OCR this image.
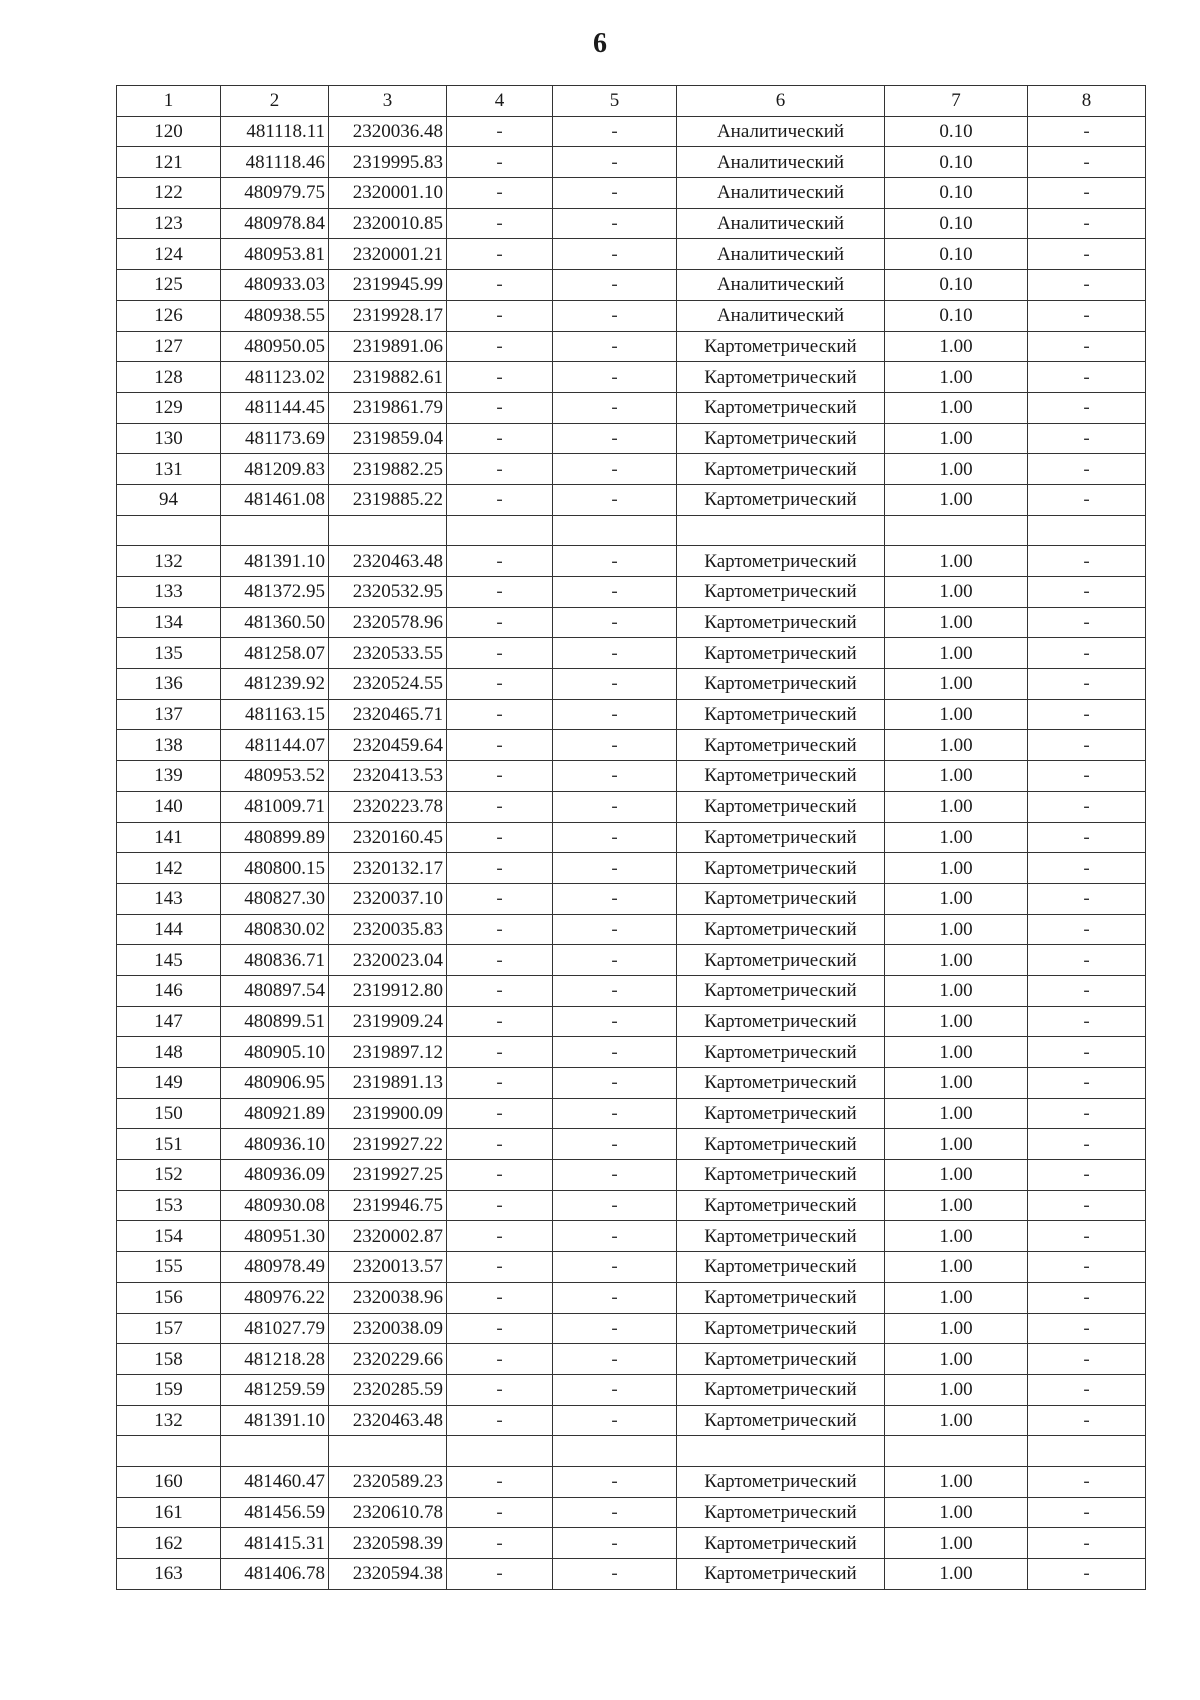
6
1	2	3	4	5	6	7	8
120	481118.11	2320036.48	-	-	Аналитический	0.10	-
121	481118.46	2319995.83	-	-	Аналитический	0.10	-
122	480979.75	2320001.10	-	-	Аналитический	0.10	-
123	480978.84	2320010.85	-	-	Аналитический	0.10	-
124	480953.81	2320001.21	-	-	Аналитический	0.10	-
125	480933.03	2319945.99	-	-	Аналитический	0.10	-
126	480938.55	2319928.17	-	-	Аналитический	0.10	-
127	480950.05	2319891.06	-	-	Картометрический	1.00	-
128	481123.02	2319882.61	-	-	Картометрический	1.00	-
129	481144.45	2319861.79	-	-	Картометрический	1.00	-
130	481173.69	2319859.04	-	-	Картометрический	1.00	-
131	481209.83	2319882.25	-	-	Картометрический	1.00	-
94	481461.08	2319885.22	-	-	Картометрический	1.00	-

132	481391.10	2320463.48	-	-	Картометрический	1.00	-
133	481372.95	2320532.95	-	-	Картометрический	1.00	-
134	481360.50	2320578.96	-	-	Картометрический	1.00	-
135	481258.07	2320533.55	-	-	Картометрический	1.00	-
136	481239.92	2320524.55	-	-	Картометрический	1.00	-
137	481163.15	2320465.71	-	-	Картометрический	1.00	-
138	481144.07	2320459.64	-	-	Картометрический	1.00	-
139	480953.52	2320413.53	-	-	Картометрический	1.00	-
140	481009.71	2320223.78	-	-	Картометрический	1.00	-
141	480899.89	2320160.45	-	-	Картометрический	1.00	-
142	480800.15	2320132.17	-	-	Картометрический	1.00	-
143	480827.30	2320037.10	-	-	Картометрический	1.00	-
144	480830.02	2320035.83	-	-	Картометрический	1.00	-
145	480836.71	2320023.04	-	-	Картометрический	1.00	-
146	480897.54	2319912.80	-	-	Картометрический	1.00	-
147	480899.51	2319909.24	-	-	Картометрический	1.00	-
148	480905.10	2319897.12	-	-	Картометрический	1.00	-
149	480906.95	2319891.13	-	-	Картометрический	1.00	-
150	480921.89	2319900.09	-	-	Картометрический	1.00	-
151	480936.10	2319927.22	-	-	Картометрический	1.00	-
152	480936.09	2319927.25	-	-	Картометрический	1.00	-
153	480930.08	2319946.75	-	-	Картометрический	1.00	-
154	480951.30	2320002.87	-	-	Картометрический	1.00	-
155	480978.49	2320013.57	-	-	Картометрический	1.00	-
156	480976.22	2320038.96	-	-	Картометрический	1.00	-
157	481027.79	2320038.09	-	-	Картометрический	1.00	-
158	481218.28	2320229.66	-	-	Картометрический	1.00	-
159	481259.59	2320285.59	-	-	Картометрический	1.00	-
132	481391.10	2320463.48	-	-	Картометрический	1.00	-

160	481460.47	2320589.23	-	-	Картометрический	1.00	-
161	481456.59	2320610.78	-	-	Картометрический	1.00	-
162	481415.31	2320598.39	-	-	Картометрический	1.00	-
163	481406.78	2320594.38	-	-	Картометрический	1.00	-
